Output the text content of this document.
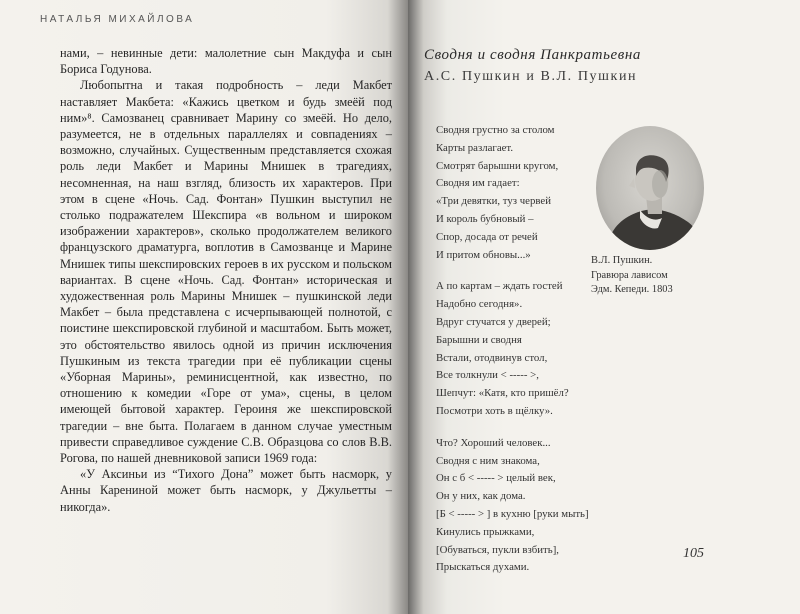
НАТАЛЬЯ МИХАЙЛОВА

нами, – невинные дети: малолетние сын Макдуфа и сын Бориса Годунова.

Любопытна и такая подробность – леди Макбет наставляет Макбета: «Кажись цветком и будь змеёй под ним»⁸. Самозванец сравнивает Марину со змеёй. Но дело, разумеется, не в отдельных параллелях и совпадениях – возможно, случайных. Существенным представляется схожая роль леди Макбет и Марины Мнишек в трагедиях, несомненная, на наш взгляд, близость их характеров. При этом в сцене «Ночь. Сад. Фонтан» Пушкин выступил не столько подражателем Шекспира «в вольном и широком изображении характеров», сколько продолжателем великого французского драматурга, воплотив в Самозванце и Марине Мнишек типы шекспировских героев в их русском и польском вариантах. В сцене «Ночь. Сад. Фонтан» историческая и художественная роль Марины Мнишек – пушкинской леди Макбет – была представлена с исчерпывающей полнотой, с поистине шекспировской глубиной и масштабом. Быть может, это обстоятельство явилось одной из причин исключения Пушкиным из текста трагедии при её публикации сцены «Уборная Марины», реминисцентной, как известно, по отношению к комедии «Горе от ума», сцены, в целом имеющей бытовой характер. Героиня же шекспировской трагедии – вне быта. Полагаем в данном случае уместным привести справедливое суждение С.В. Образцова со слов В.В. Рогова, по нашей дневниковой записи 1969 года:

«У Аксиньи из “Тихого Дона” может быть насморк, у Анны Карениной может быть насморк, у Джульетты – никогда».

Сводня и сводня Панкратьевна
А.С. Пушкин и В.Л. Пушкин
Сводня грустно за столом
Карты разлагает.
Смотрят барышни кругом,
Сводня им гадает:
«Три девятки, туз червей
И король бубновый –
Спор, досада от речей
И притом обновы...»
А по картам – ждать гостей
Надобно сегодня».
Вдруг стучатся у дверей;
Барышни и сводня
Встали, отодвинув стол,
Все толкнули < ----- >,
Шепчут: «Катя, кто пришёл?
Посмотри хоть в щёлку».
Что? Хороший человек...
Сводня с ним знакома,
Он с б < ----- > целый век,
Он у них, как дома.
[Б < ----- > ] в кухню [руки мыть]
Кинулись прыжками,
[Обуваться, пукли взбить],
Прыскаться духами.
В.Л. Пушкин.
Гравюра лависом
Эдм. Кепеди. 1803
105
